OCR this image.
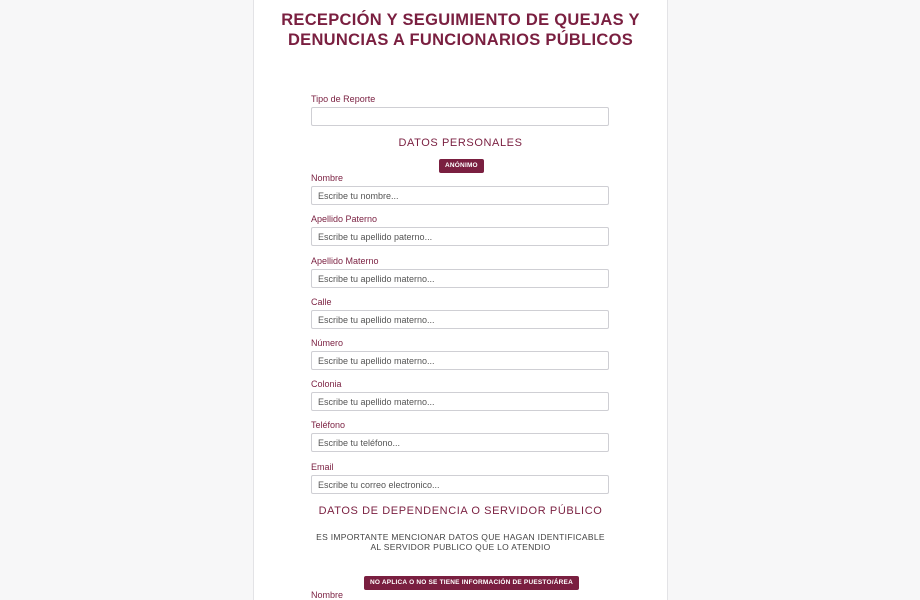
RECEPCIÓN Y SEGUIMIENTO DE QUEJAS Y DENUNCIAS A FUNCIONARIOS PÚBLICOS
Tipo de Reporte
DATOS PERSONALES
ANÓNIMO
Nombre
Escribe tu nombre...
Apellido Paterno
Escribe tu apellido paterno...
Apellido Materno
Escribe tu apellido materno...
Calle
Escribe tu apellido materno...
Número
Escribe tu apellido materno...
Colonia
Escribe tu apellido materno...
Teléfono
Escribe tu teléfono...
Email
Escribe tu correo electronico...
DATOS DE DEPENDENCIA O SERVIDOR PÚBLICO
ES IMPORTANTE MENCIONAR DATOS QUE HAGAN IDENTIFICABLE AL SERVIDOR PUBLICO QUE LO ATENDIO
NO APLICA O NO SE TIENE INFORMACIÓN DE PUESTO/ÁREA
Nombre
